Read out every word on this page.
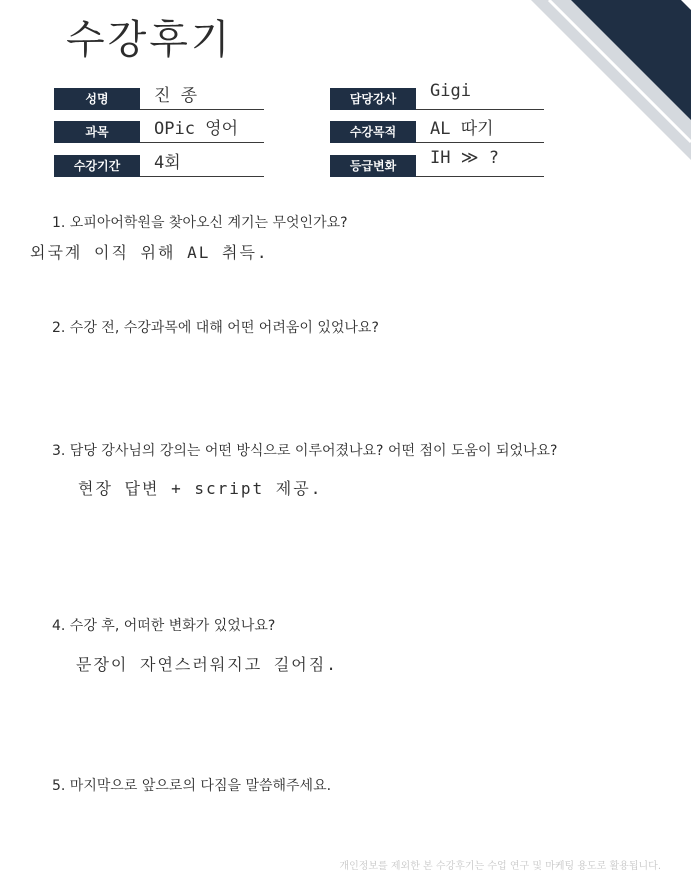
수강후기
성명	진 종	담당강사	Gigi
과목	OPic 영어	수강목적	AL 따기
수강기간	4회	등급변화	IH ≫ ?
1. 오피아어학원을 찾아오신 계기는 무엇인가요?
외국계 이직 위해 AL 취득.
2. 수강 전, 수강과목에 대해 어떤 어려움이 있었나요?
3. 담당 강사님의 강의는 어떤 방식으로 이루어졌나요? 어떤 점이 도움이 되었나요?
현장 답변 + script 제공.
4. 수강 후, 어떠한 변화가 있었나요?
문장이 자연스러워지고 길어짐.
5. 마지막으로 앞으로의 다짐을 말씀해주세요.
개인정보를 제외한 본 수강후기는 수업 연구 및 마케팅 용도로 활용됩니다.
